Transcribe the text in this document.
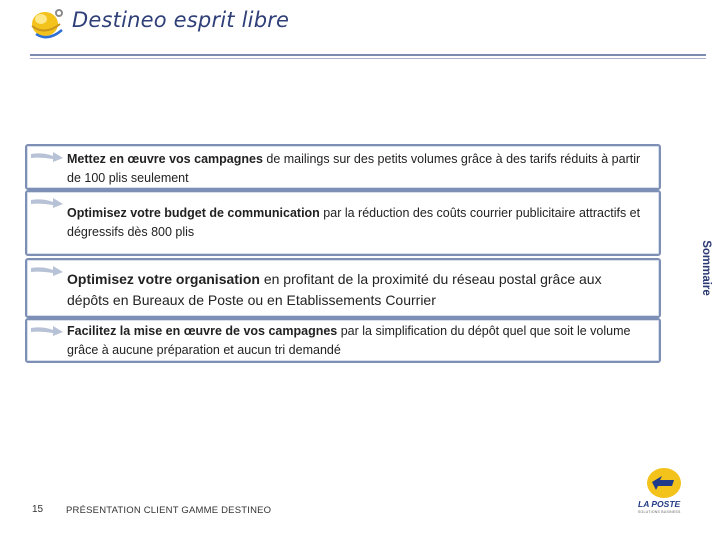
Destineo esprit libre
Mettez en œuvre vos campagnes de mailings sur des petits volumes grâce à des tarifs réduits à partir de 100 plis seulement
Optimisez votre budget de communication par la réduction des coûts courrier publicitaire attractifs et dégressifs dès 800 plis
Optimisez votre organisation en profitant de la proximité du réseau postal grâce aux dépôts en Bureaux de Poste ou en Etablissements Courrier
Facilitez la mise en œuvre de vos campagnes par la simplification du dépôt quel que soit le volume grâce à aucune préparation et aucun tri demandé
Sommaire
15 PRÉSENTATION CLIENT GAMME DESTINEO
LA POSTE
SOLUTIONS BUSINESS
